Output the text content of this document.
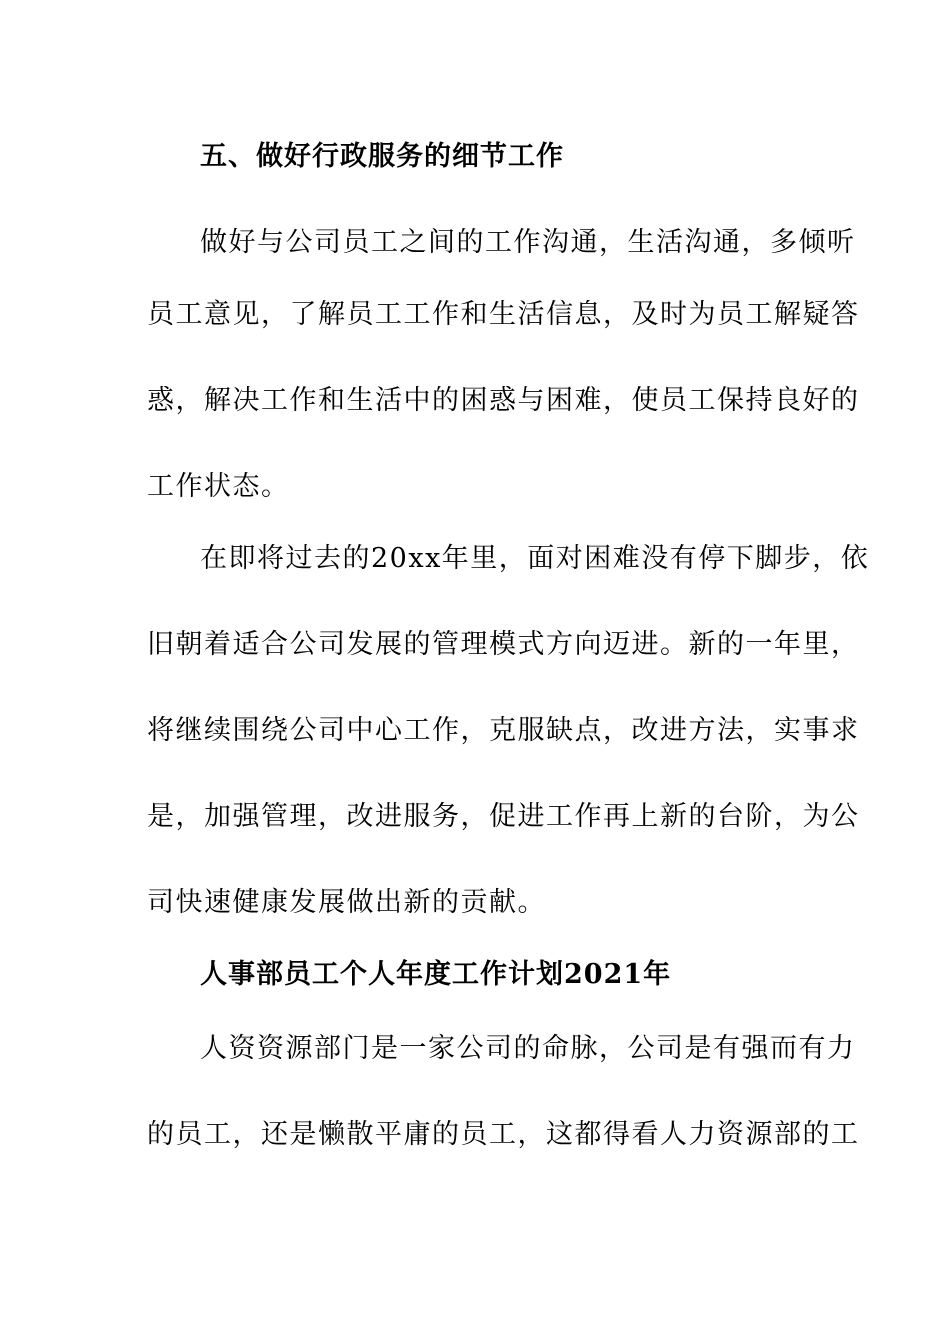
五、做好行政服务的细节工作
做好与公司员工之间的工作沟通，生活沟通，多倾听
员工意见，了解员工工作和生活信息，及时为员工解疑答
惑，解决工作和生活中的困惑与困难，使员工保持良好的
工作状态。
在即将过去的20xx年里，面对困难没有停下脚步，依
旧朝着适合公司发展的管理模式方向迈进。新的一年里，
将继续围绕公司中心工作，克服缺点，改进方法，实事求
是，加强管理，改进服务，促进工作再上新的台阶，为公
司快速健康发展做出新的贡献。
人事部员工个人年度工作计划2021年
人资资源部门是一家公司的命脉，公司是有强而有力
的员工，还是懒散平庸的员工，这都得看人力资源部的工
